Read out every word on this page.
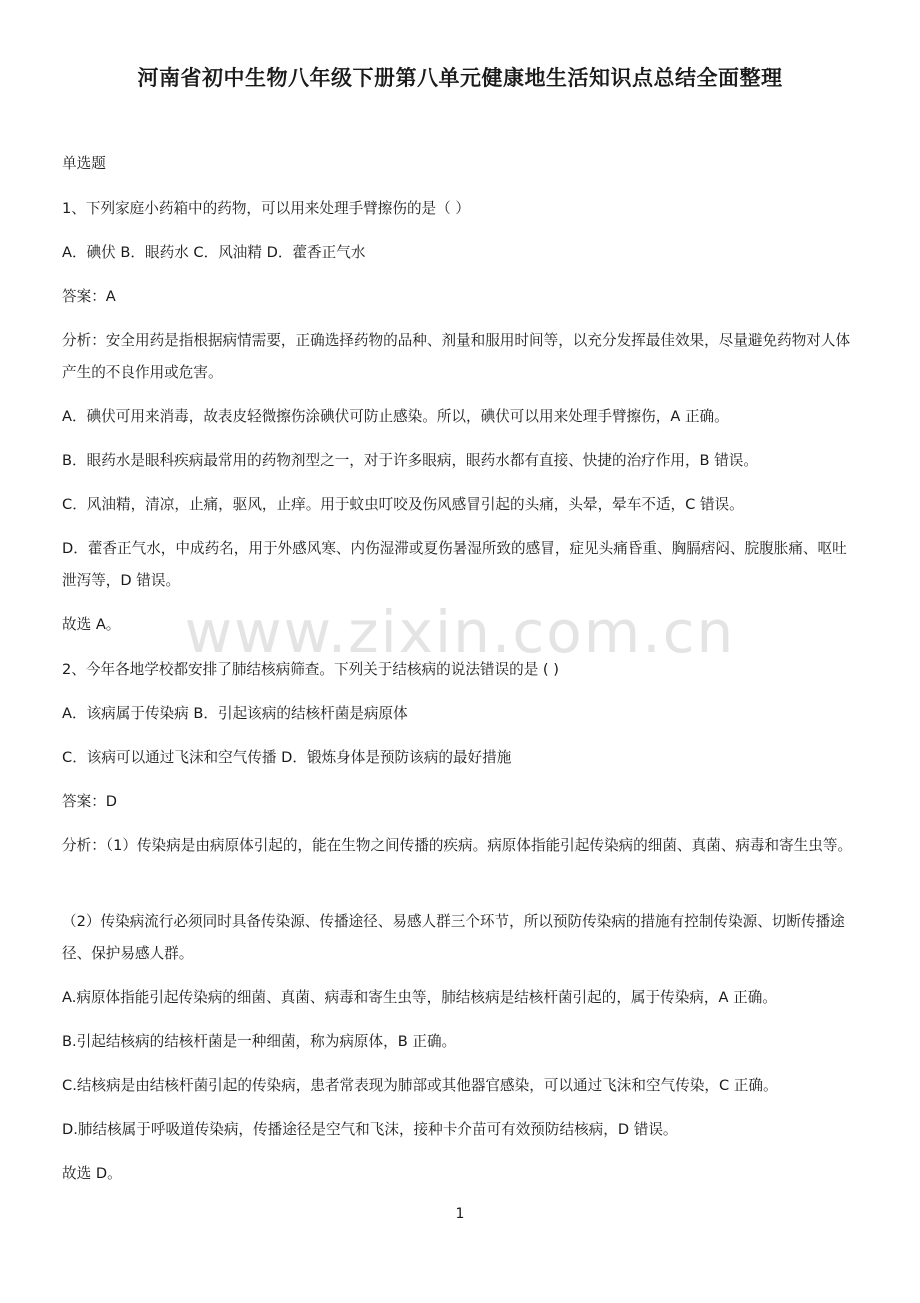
河南省初中生物八年级下册第八单元健康地生活知识点总结全面整理
单选题
1、下列家庭小药箱中的药物，可以用来处理手臂擦伤的是（ ）
A．碘伏 B．眼药水 C．风油精 D．藿香正气水
答案：A
分析：安全用药是指根据病情需要，正确选择药物的品种、剂量和服用时间等，以充分发挥最佳效果，尽量避免药物对人体产生的不良作用或危害。
A．碘伏可用来消毒，故表皮轻微擦伤涂碘伏可防止感染。所以，碘伏可以用来处理手臂擦伤，A 正确。
B．眼药水是眼科疾病最常用的药物剂型之一，对于许多眼病，眼药水都有直接、快捷的治疗作用，B 错误。
C．风油精，清凉，止痛，驱风，止痒。用于蚊虫叮咬及伤风感冒引起的头痛，头晕，晕车不适，C 错误。
D．藿香正气水，中成药名，用于外感风寒、内伤湿滞或夏伤暑湿所致的感冒，症见头痛昏重、胸膈痞闷、脘腹胀痛、呕吐泄泻等，D 错误。
故选 A。
2、今年各地学校都安排了肺结核病筛查。下列关于结核病的说法错误的是 ( )
A．该病属于传染病 B．引起该病的结核杆菌是病原体
C．该病可以通过飞沫和空气传播 D．锻炼身体是预防该病的最好措施
答案：D
分析：（1）传染病是由病原体引起的，能在生物之间传播的疾病。病原体指能引起传染病的细菌、真菌、病毒和寄生虫等。
（2）传染病流行必须同时具备传染源、传播途径、易感人群三个环节，所以预防传染病的措施有控制传染源、切断传播途径、保护易感人群。
A.病原体指能引起传染病的细菌、真菌、病毒和寄生虫等，肺结核病是结核杆菌引起的，属于传染病，A 正确。
B.引起结核病的结核杆菌是一种细菌，称为病原体，B 正确。
C.结核病是由结核杆菌引起的传染病，患者常表现为肺部或其他器官感染，可以通过飞沫和空气传染，C 正确。
D.肺结核属于呼吸道传染病，传播途径是空气和飞沫，接种卡介苗可有效预防结核病，D 错误。
故选 D。
www.zixin.com.cn
1
